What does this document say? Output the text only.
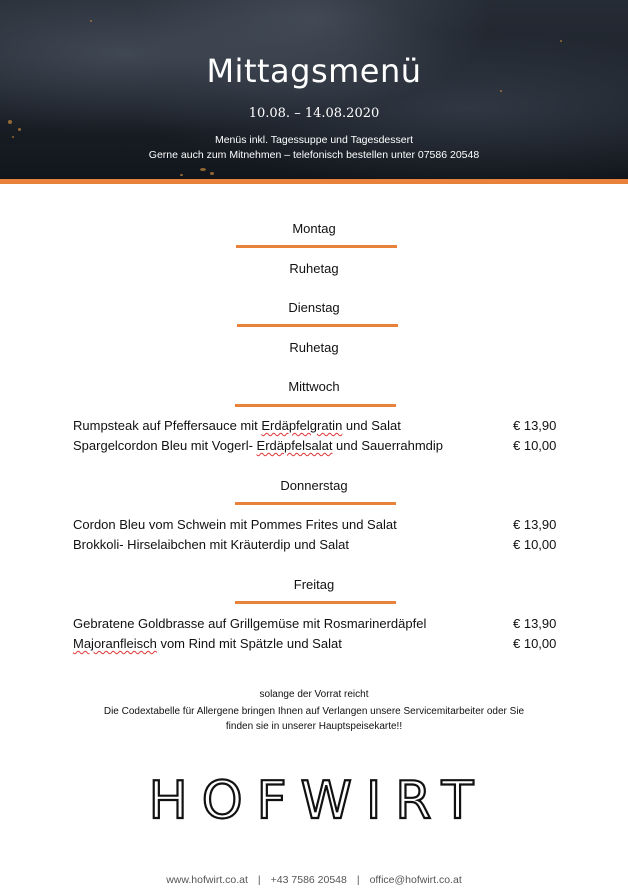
Mittagsmenü
10.08. – 14.08.2020
Menüs inkl. Tagessuppe und Tagesdessert
Gerne auch zum Mitnehmen – telefonisch bestellen unter 07586 20548
Montag
Ruhetag
Dienstag
Ruhetag
Mittwoch
Rumpsteak auf Pfeffersauce mit Erdäpfelgratin und Salat	€ 13,90
Spargelcordon Bleu mit Vogerl- Erdäpfelsalat und Sauerrahmdip	€ 10,00
Donnerstag
Cordon Bleu vom Schwein mit Pommes Frites und Salat	€ 13,90
Brokkoli- Hirselaibchen mit Kräuterdip und Salat	€ 10,00
Freitag
Gebratene Goldbrasse auf Grillgemüse mit Rosmarinerdäpfel	€ 13,90
Majoranfleisch vom Rind mit Spätzle und Salat	€ 10,00
solange der Vorrat reicht
Die Codextabelle für Allergene bringen Ihnen auf Verlangen unsere Servicemitarbeiter oder Sie
finden sie in unserer Hauptspeisekarte!!
HOFWIRT
www.hofwirt.co.at | +43 7586 20548 | office@hofwirt.co.at
